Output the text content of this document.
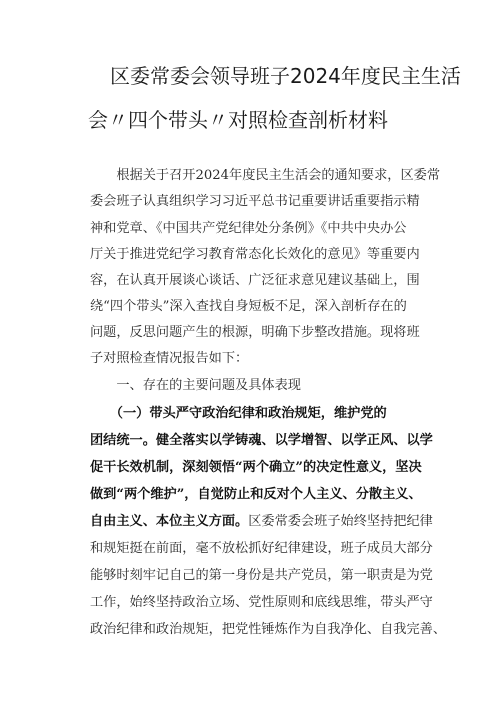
区委常委会领导班子2024年度民主生活
会〃四个带头〃对照检查剖析材料
　　根据关于召开2024年度民主生活会的通知要求，区委常
委会班子认真组织学习习近平总书记重要讲话重要指示精
神和党章、《中国共产党纪律处分条例》《中共中央办公
厅关于推进党纪学习教育常态化长效化的意见》等重要内
容，在认真开展谈心谈话、广泛征求意见建议基础上，围
绕“四个带头”深入查找自身短板不足，深入剖析存在的
问题，反思问题产生的根源，明确下步整改措施。现将班
子对照检查情况报告如下：
　　一、存在的主要问题及具体表现
　　（一）带头严守政治纪律和政治规矩，维护党的
团结统一。健全落实以学铸魂、以学增智、以学正风、以学
促干长效机制，深刻领悟“两个确立”的决定性意义，坚决
做到“两个维护”，自觉防止和反对个人主义、分散主义、
自由主义、本位主义方面。区委常委会班子始终坚持把纪律
和规矩挺在前面，毫不放松抓好纪律建设，班子成员大部分
能够时刻牢记自己的第一身份是共产党员，第一职责是为党
工作，始终坚持政治立场、党性原则和底线思维，带头严守
政治纪律和政治规矩，把党性锤炼作为自我净化、自我完善、
